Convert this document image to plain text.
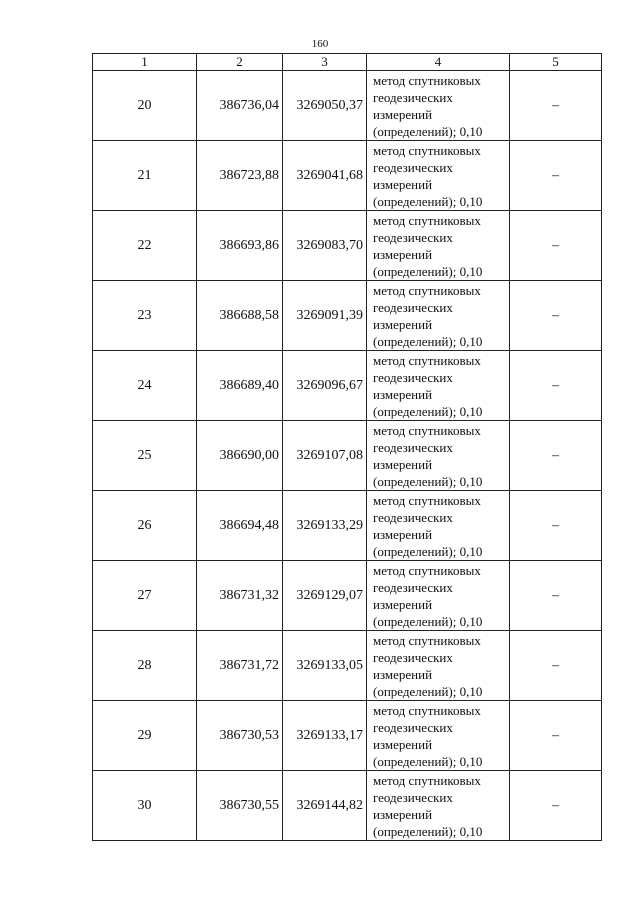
160
1	2	3	4	5
20	386736,04	3269050,37	метод спутниковых
геодезических
измерений
(определений); 0,10	–
21	386723,88	3269041,68	метод спутниковых
геодезических
измерений
(определений); 0,10	–
22	386693,86	3269083,70	метод спутниковых
геодезических
измерений
(определений); 0,10	–
23	386688,58	3269091,39	метод спутниковых
геодезических
измерений
(определений); 0,10	–
24	386689,40	3269096,67	метод спутниковых
геодезических
измерений
(определений); 0,10	–
25	386690,00	3269107,08	метод спутниковых
геодезических
измерений
(определений); 0,10	–
26	386694,48	3269133,29	метод спутниковых
геодезических
измерений
(определений); 0,10	–
27	386731,32	3269129,07	метод спутниковых
геодезических
измерений
(определений); 0,10	–
28	386731,72	3269133,05	метод спутниковых
геодезических
измерений
(определений); 0,10	–
29	386730,53	3269133,17	метод спутниковых
геодезических
измерений
(определений); 0,10	–
30	386730,55	3269144,82	метод спутниковых
геодезических
измерений
(определений); 0,10	–
